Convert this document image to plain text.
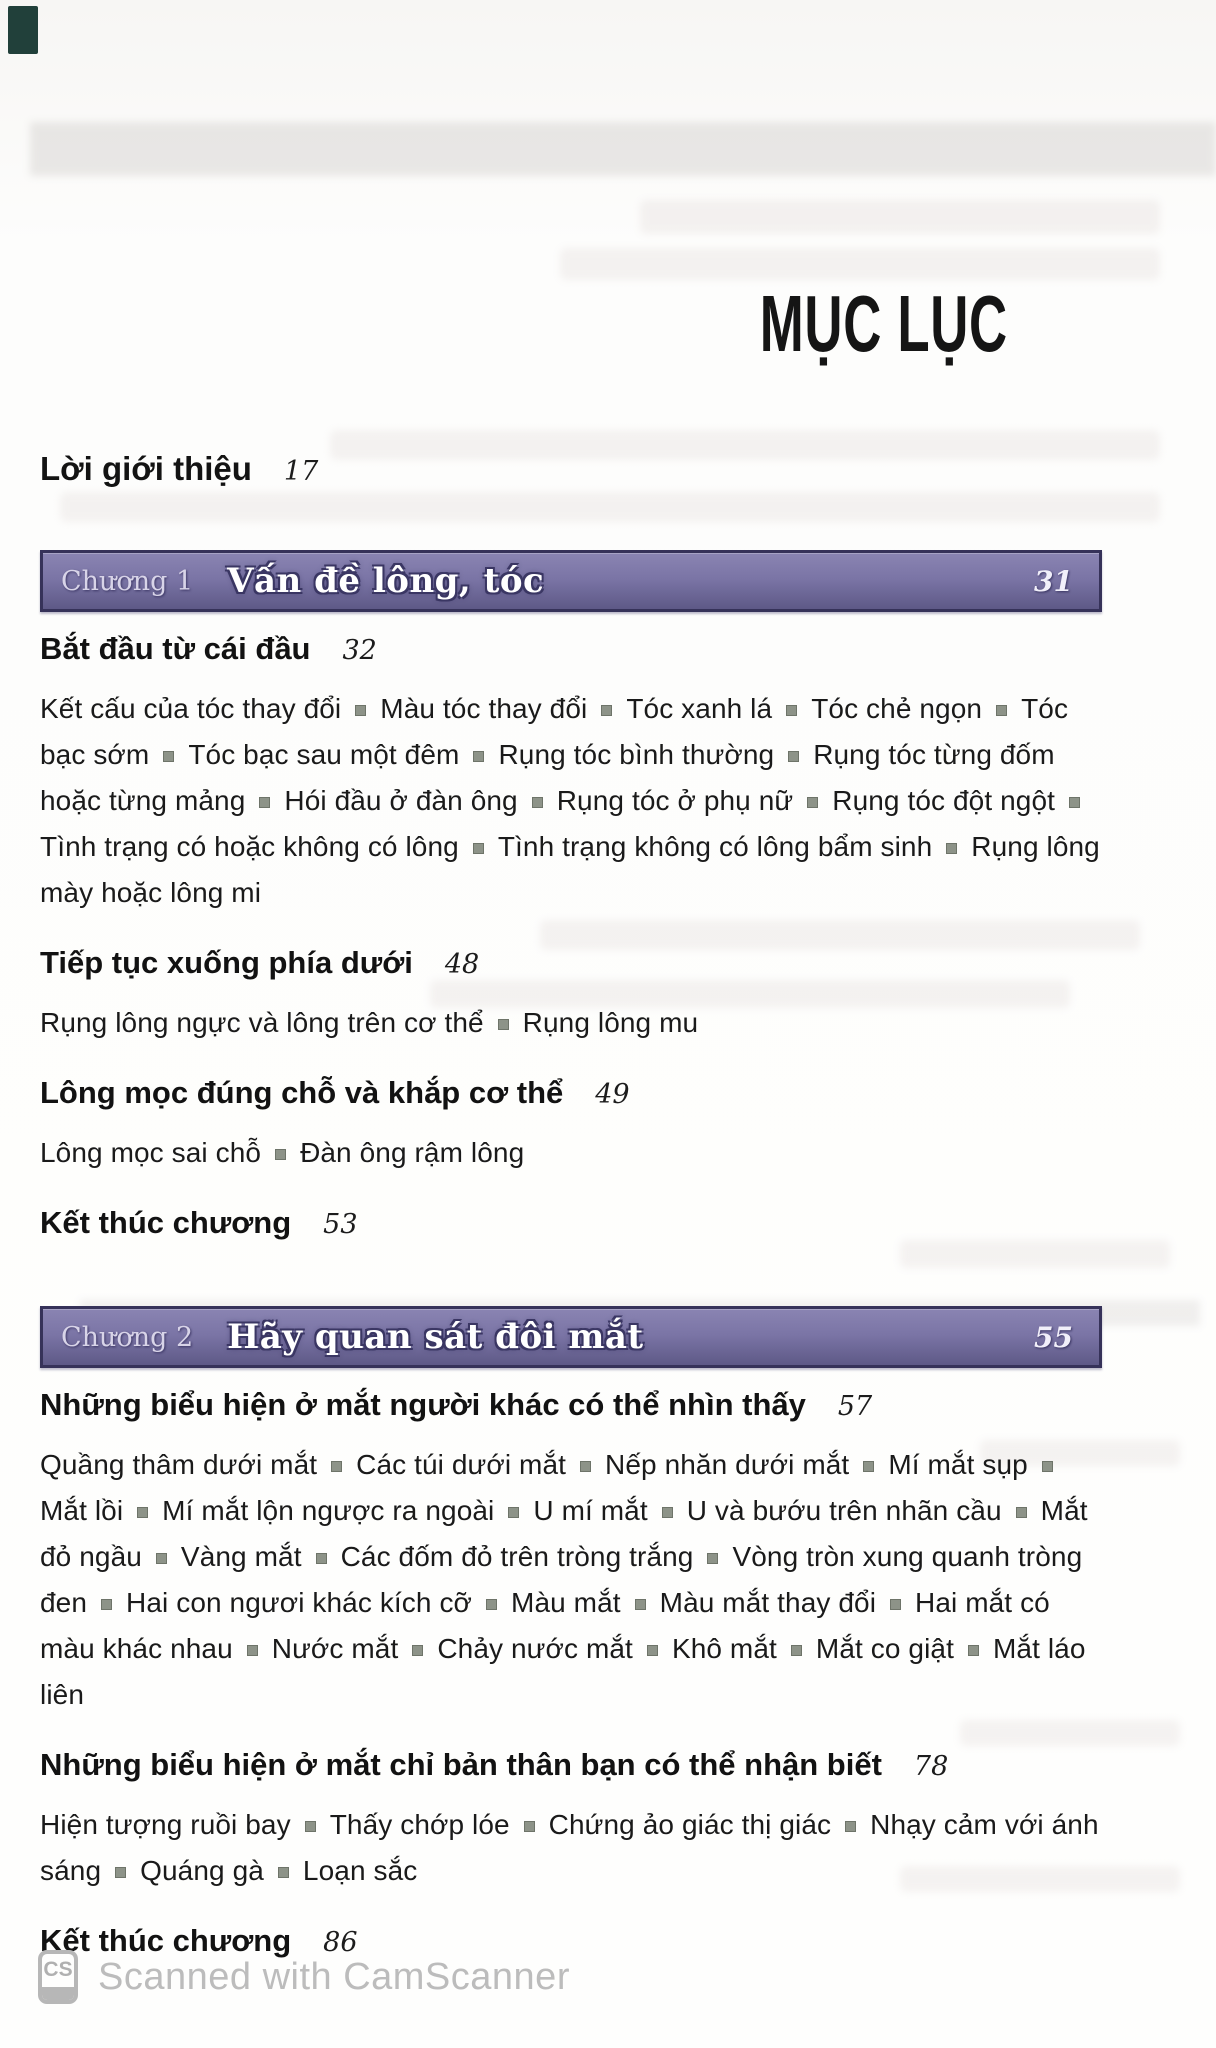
MỤC LỤC
Lời giới thiệu 17
Chương 1 Vấn đề lông, tóc	31
Bắt đầu từ cái đầu 32

Kết cấu của tóc thay đổi Màu tóc thay đổi Tóc xanh lá Tóc chẻ ngọn Tóc bạc sớm Tóc bạc sau một đêm Rụng tóc bình thường Rụng tóc từng đốm hoặc từng mảng Hói đầu ở đàn ông Rụng tóc ở phụ nữ Rụng tóc đột ngộtTình trạng có hoặc không có lông Tình trạng không có lông bẩm sinh Rụng lông mày hoặc lông mi

Tiếp tục xuống phía dưới 48

Rụng lông ngực và lông trên cơ thể Rụng lông mu

Lông mọc đúng chỗ và khắp cơ thể 49

Lông mọc sai chỗ Đàn ông rậm lông

Kết thúc chương 53
Chương 2 Hãy quan sát đôi mắt	55
Những biểu hiện ở mắt người khác có thể nhìn thấy 57

Quầng thâm dưới mắt Các túi dưới mắt Nếp nhăn dưới mắt Mí mắt sụpMắt lồi Mí mắt lộn ngược ra ngoài U mí mắt U và bướu trên nhãn cầu Mắt đỏ ngầu Vàng mắt Các đốm đỏ trên tròng trắng Vòng tròn xung quanh tròng đen Hai con ngươi khác kích cỡ Màu mắt Màu mắt thay đổi Hai mắt có màu khác nhau Nước mắt Chảy nước mắt Khô mắt Mắt co giật Mắt láo liên

Những biểu hiện ở mắt chỉ bản thân bạn có thể nhận biết 78

Hiện tượng ruồi bay Thấy chớp lóe Chứng ảo giác thị giác Nhạy cảm với ánh sáng Quáng gà Loạn sắc

Kết thúc chương 86
CS Scanned with CamScanner
